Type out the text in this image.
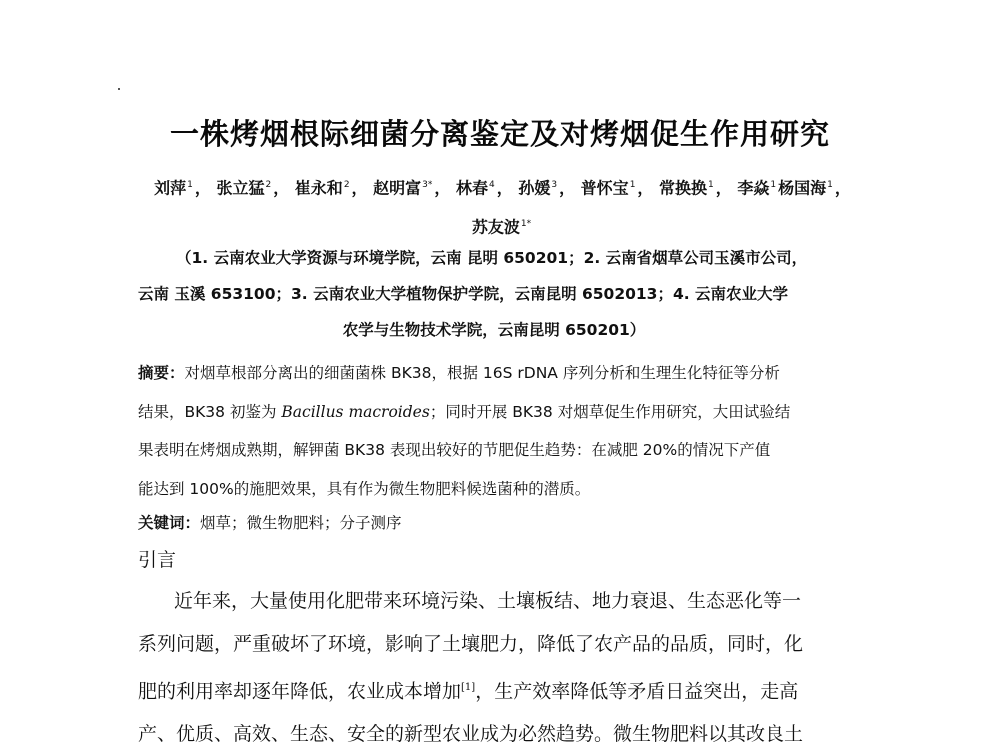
一株烤烟根际细菌分离鉴定及对烤烟促生作用研究
刘萍$^1$ ， 张立猛$^2$ ， 崔永和$^2$ ， 赵明富$^{3*}$ ， 林春$^4$ ， 孙媛$^3$ ， 普怀宝$^1$ ， 常换换$^1$ ， 李焱$^1$ 杨国海$^1$ ， 苏友波$^{1*}$
（1. 云南农业大学资源与环境学院，云南 昆明 650201；2. 云南省烟草公司玉溪市公司，
云南 玉溪 653100；3. 云南农业大学植物保护学院，云南昆明 6502013；4. 云南农业大学
农学与生物技术学院，云南昆明 650201）
摘要：对烟草根部分离出的细菌菌株 BK38，根据 16S rDNA 序列分析和生理生化特征等分析
结果，BK38 初鉴为 Bacillus macroides；同时开展 BK38 对烟草促生作用研究，大田试验结
果表明在烤烟成熟期，解钾菌 BK38 表现出较好的节肥促生趋势：在减肥 20%的情况下产值
能达到 100%的施肥效果，具有作为微生物肥料候选菌种的潜质。
关键词：烟草；微生物肥料；分子测序
引言
近年来，大量使用化肥带来环境污染、土壤板结、地力衰退、生态恶化等一
系列问题，严重破坏了环境，影响了土壤肥力，降低了农产品的品质，同时，化
肥的利用率却逐年降低，农业成本增加[1]，生产效率降低等矛盾日益突出，走高
产、优质、高效、生态、安全的新型农业成为必然趋势。微生物肥料以其改良土
